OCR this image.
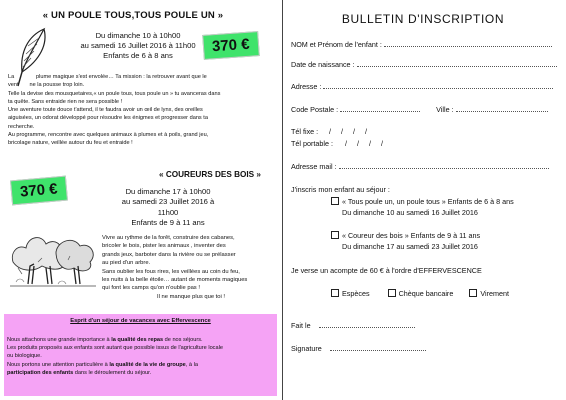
« UN POULE TOUS,TOUS POULE UN »
Du dimanche 10 à 10h00
au samedi 16 Juillet 2016 à 11h00
Enfants de 6 à 8 ans
370 €
La              plume magique s'est envolée… Ta mission : la retrouver avant que le
vent       ne la pousse trop loin.
Telle la devise des mousquetaires,« un poule tous, tous poule un » tu avanceras dans
ta quête. Sans entraide rien ne sera possible !
Une aventure toute douce t'attend, il te faudra avoir un œil de lynx, des oreilles
aiguisées, un odorat développé pour résoudre les énigmes et progresser dans ta
recherche.
Au programme, rencontre avec quelques animaux à plumes et à poils, grand jeu,
bricolage nature, veillée autour du feu et entraide !
« COUREURS DES BOIS »
370 €	Du dimanche 17 à 10h00
au samedi 23 Juillet 2016 à 11h00
Enfants de 9 à 11 ans
Vivre au rythme de la forêt, construire des cabanes,
bricoler le bois, pister les animaux , inventer des
grands jeux, barboter dans la rivière ou se prélasser
au pied d'un arbre.
Sans oublier les fous rires, les veillées au coin du feu,
les nuits à la belle étoile… autant de moments magiques
qui font les camps qu'on n'oublie pas !
Il ne manque plus que toi !
Esprit d'un séjour de vacances avec Effervescence
Nous attachons une grande importance à la qualité des repas de nos séjours.
Les produits proposés aux enfants sont autant que possible issus de l'agriculture locale
ou biologique.
Nous portons une attention particulière à la qualité de la vie de groupe, à la
participation des enfants dans le déroulement du séjour.
BULLETIN D'INSCRIPTION
NOM et Prénom de l'enfant :
Date de naissance :
Adresse :
Code Postale :	Ville :
Tél fixe : /     /     /     /
Tél portable : /     /     /     /
Adresse mail :
J'inscris mon enfant au séjour :
« Tous poule un, un poule tous » Enfants de 6 à 8 ans
Du dimanche 10 au samedi 16 Juillet 2016
« Coureur des bois » Enfants de 9 à 11 ans
Du dimanche 17 au samedi 23 Juillet 2016
Je verse un acompte de 60 € à l'ordre d'EFFERVESCENCE
Espèces	Chèque bancaire	Virement
Fait le
Signature
